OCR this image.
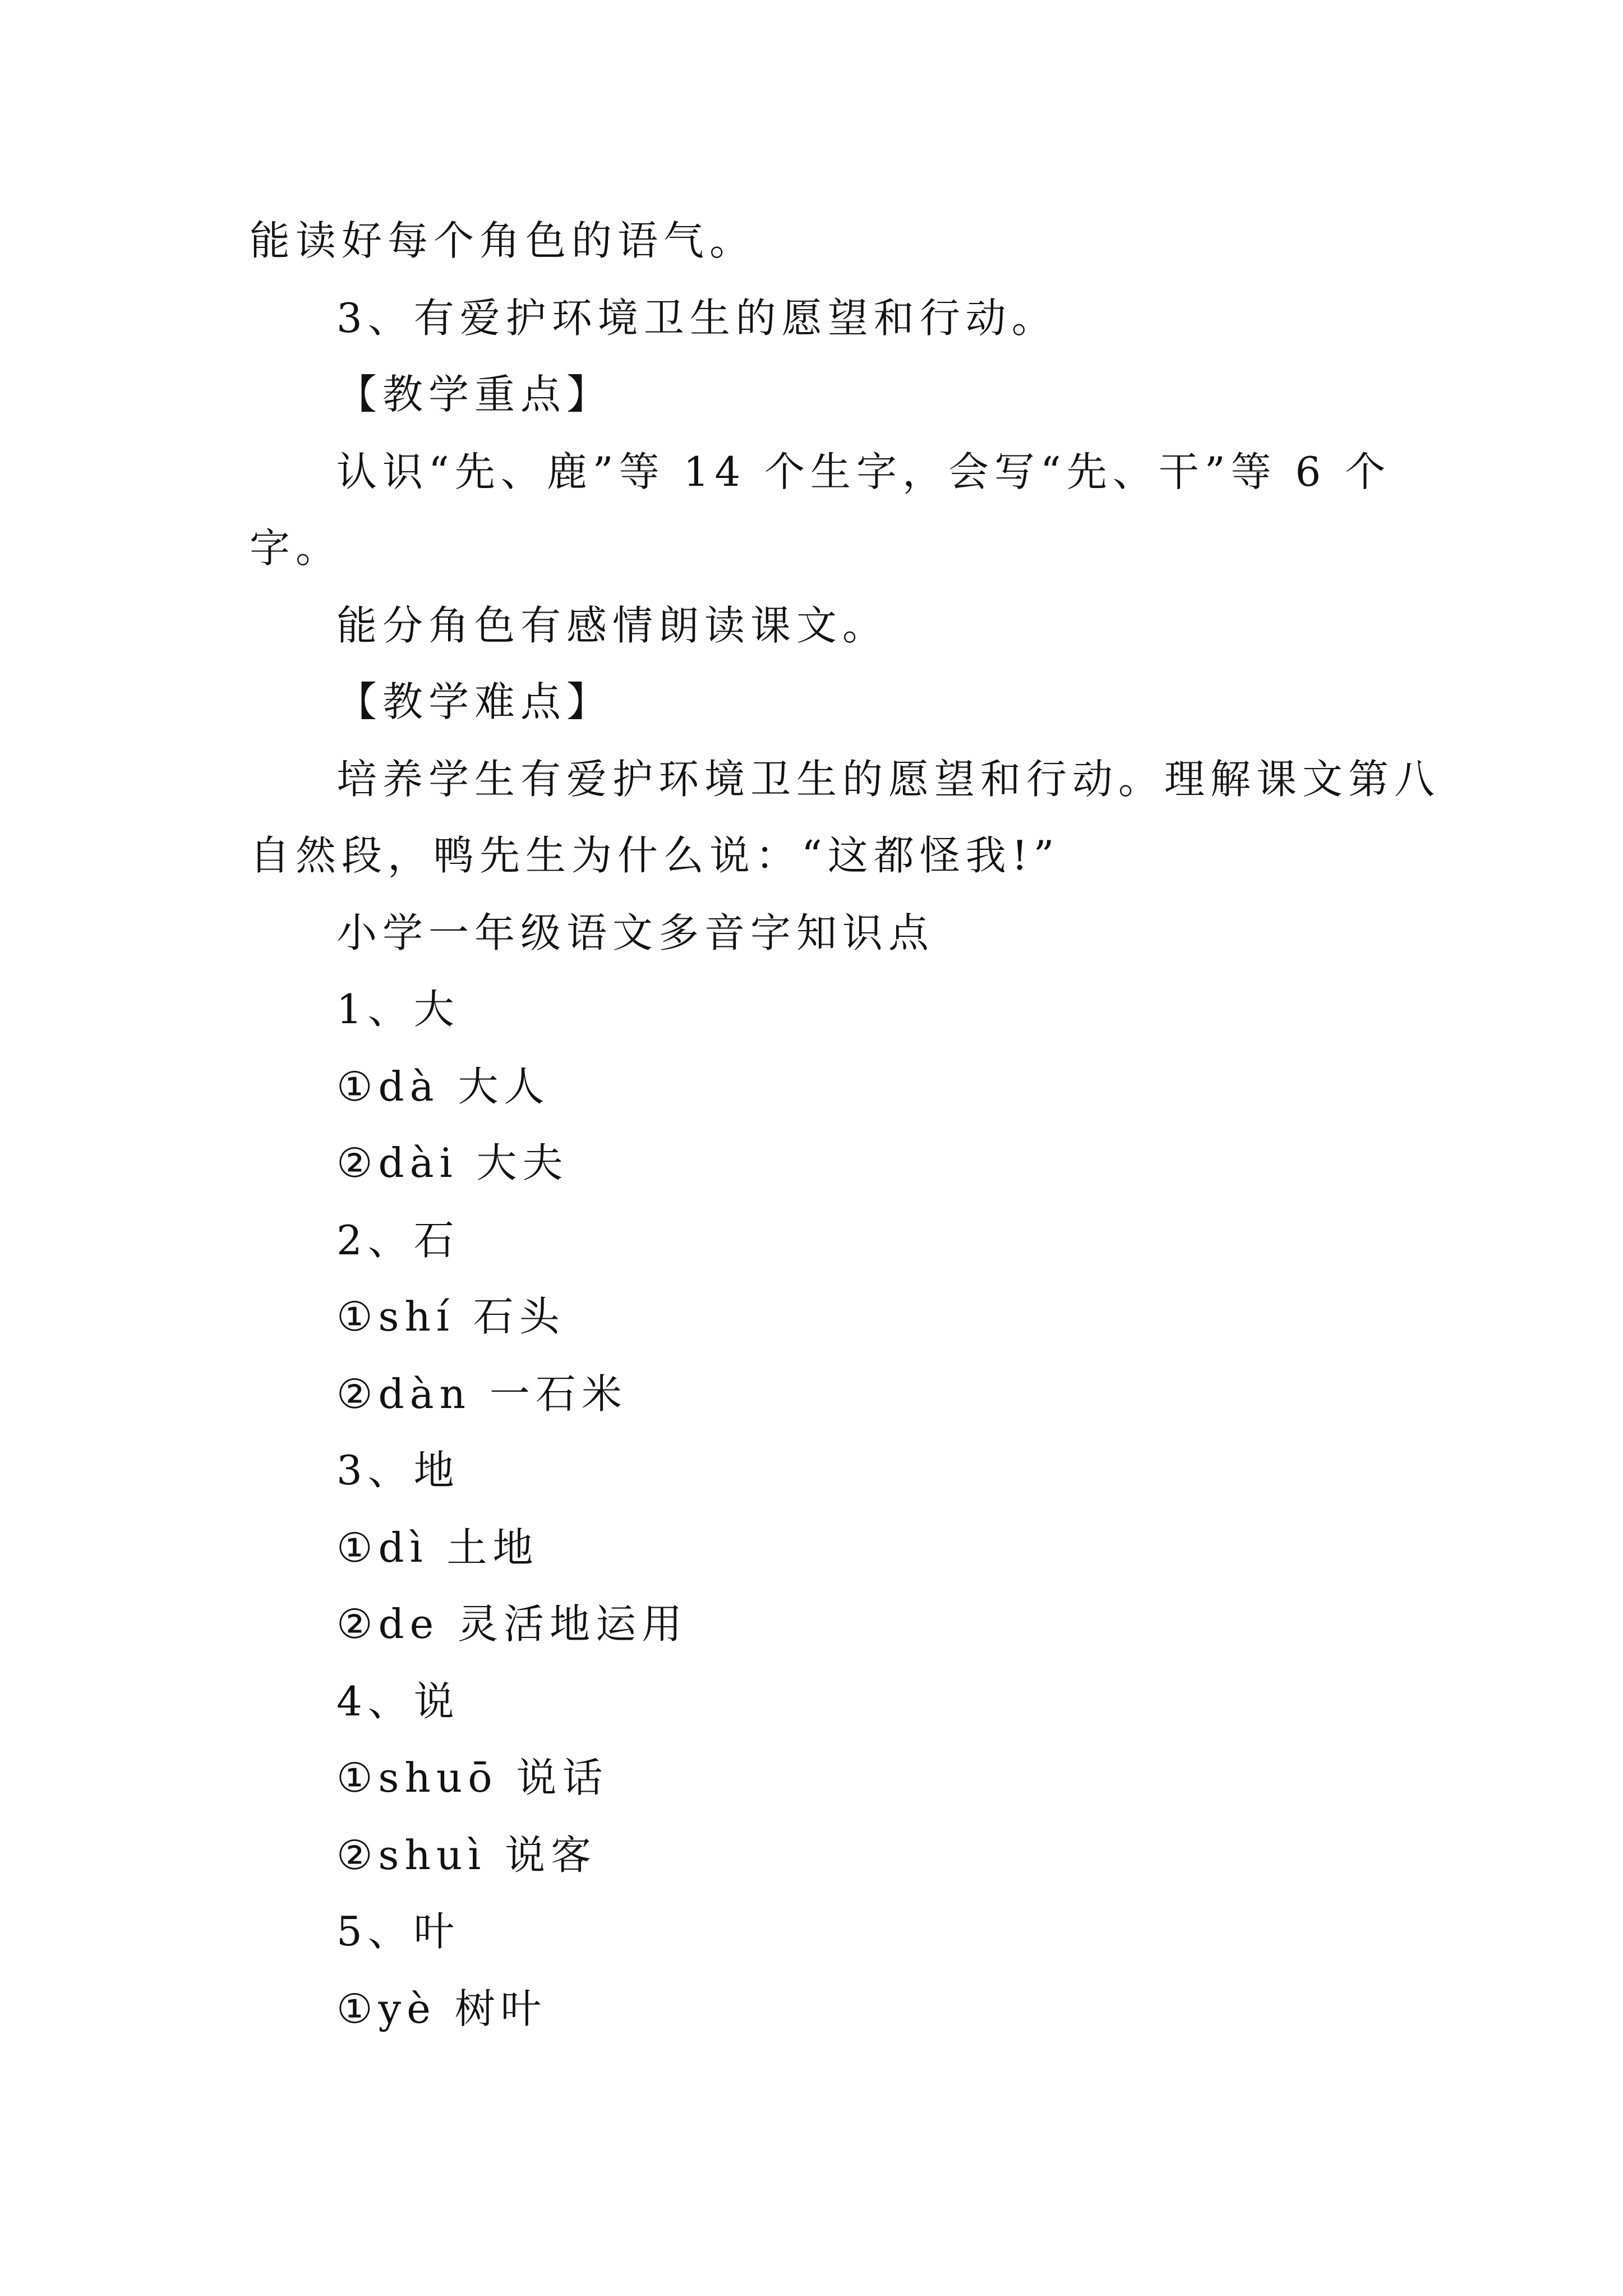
能读好每个角色的语气。
3、有爱护环境卫生的愿望和行动。
【教学重点】
认识“先、鹿”等 14 个生字，会写“先、干”等 6 个
字。
能分角色有感情朗读课文。
【教学难点】
培养学生有爱护环境卫生的愿望和行动。理解课文第八
自然段，鸭先生为什么说：“这都怪我!”
小学一年级语文多音字知识点
1、大
①dà 大人
②dài 大夫
2、石
①shí 石头
②dàn 一石米
3、地
①dì 土地
②de 灵活地运用
4、说
①shuō 说话
②shuì 说客
5、叶
①yè 树叶
